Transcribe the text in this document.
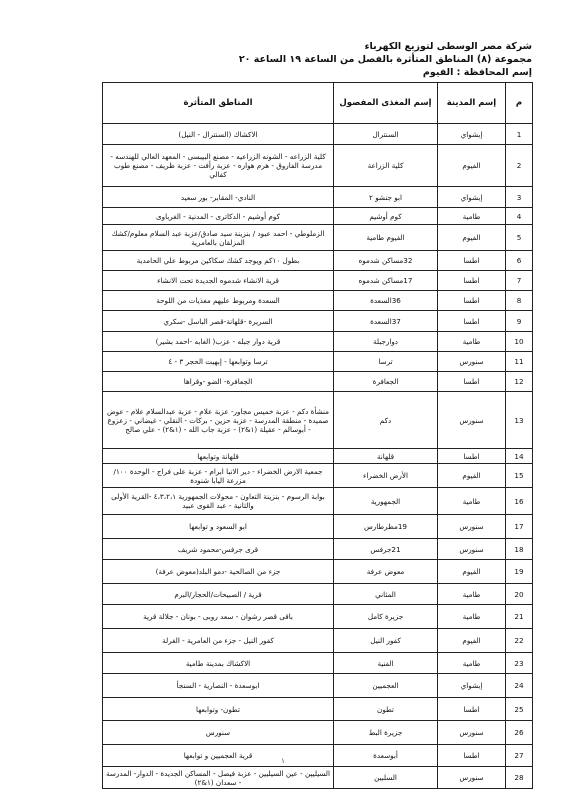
شركة مصر الوسطى لتوزيع الكهرباء
مجموعة (٨) المناطق المتأثرة بالفصل من الساعة ١٩ الساعة ٢٠
إسم المحافظة : الفيوم
م	إسم المدينة	إسم المغذى المفصول	المناطق المتأثرة
1	إبشواي	السنترال	الاكشاك (السنترال - النيل)
2	الفيوم	كلية الزراعة	كلية الزراعه - الشونه الزراعيه - مصنع البيبسى - المعهد العالي للهندسه - مدرسة الفاروق - هرم هواره - عزبة رأفت - عزبة ظريف - مصنع طوب كفالي
3	إبشواي	ابو جنشو ٢	النادي- المقابر- بور سعيد
4	طامية	كوم أوشيم	كوم أوشيم - الدكاترى - المدنية - الغرباوى
5	الفيوم	الفيوم طامية	الزملوطي - احمد عبود / بنزينة سيد صادق/عزبة عبد السلام معلوم/كشك المزلقان بالعامرية
6	اطسا	32مساكن شدموه	بطول ١٠كم ويوجد كشك سكاكين مربوط علي الحامدية
7	اطسا	17مساكن شدموه	قرية الانشاء شدموه الجديدة تحت الانشاء
8	اطسا	36السعدة	السعدة ومربوط عليهم مغذيات من اللوحة
9	اطسا	37السعدة	السريرة -قلهانة-قصر الباسل -سكري
10	طامية	دوارجبلة	قرية دوار جبله - عزب( الغابه -احمد بشير)
11	سنورس	ترسا	ترسا وتوابعها - إبهيت الحجر ٣ - ٤
12	اطسا	الجعافرة	الجعافرة- الضو -وقراها
13	سنورس	دكم	منشأة دكم - عزبة خميس مجاور- عزبة علام - عزبة عبدالسلام علام - عوض صميدة - منطقة المدرسة - عزبة حزين - بركات - النقلي - غيضاني - زعزوع - أبوسالم - عقيلة (١&٢) - عزبة جاب الله - (١&٢) - علي صالح
14	اطسا	قلهانة	قلهانة وتوابعها
15	الفيوم	الأرض الخضراء	جمعية الارض الخضراء - دير الانبا ابرام - عزبة على فراج - الوحدة ١٠٠/مزرعة اليابا شنودة
16	طامية	الجمهورية	بوابة الرسوم - بنزينة التعاون - محولات الجمهورية ٤،٣،٢،١ -القرية الأولى والثانية - عبد القوى عبيد
17	سنورس	19مطرطارس	ابو السعود و توابعها
18	سنورس	21جرفس	قرى جرفس-محمود شريف
19	الفيوم	معوض عرفة	جزء من الصالحية -دمو البلد(معوض عرفة)
20	طامية	المثاني	قرية / الصبيحات/الحجار/البرم
21	طامية	جزيرة كامل	باقى قصر رشوان - سعد روبى - بونان - جلالة قرية
22	الفيوم	كفور النيل	كفور النيل - جزء من العامرية - الغرلة
23	طامية	الفنية	الاكشاك بمدينة طامية
24	إبشواي	العجميين	ابوسعدة - النصارية - السنجأ
25	اطسا	تطون	تطون- وتوابعها
26	سنورس	جزيرة البط	سنورس
27	اطسا	أبوسعدة	قرية العجميين و توابعها
28	سنورس	السلبين	السيليين - عين السيليين - عزبة فيصل - المساكن الجديدة - الدوار- المدرسة - سعدان (١&٢)
١
